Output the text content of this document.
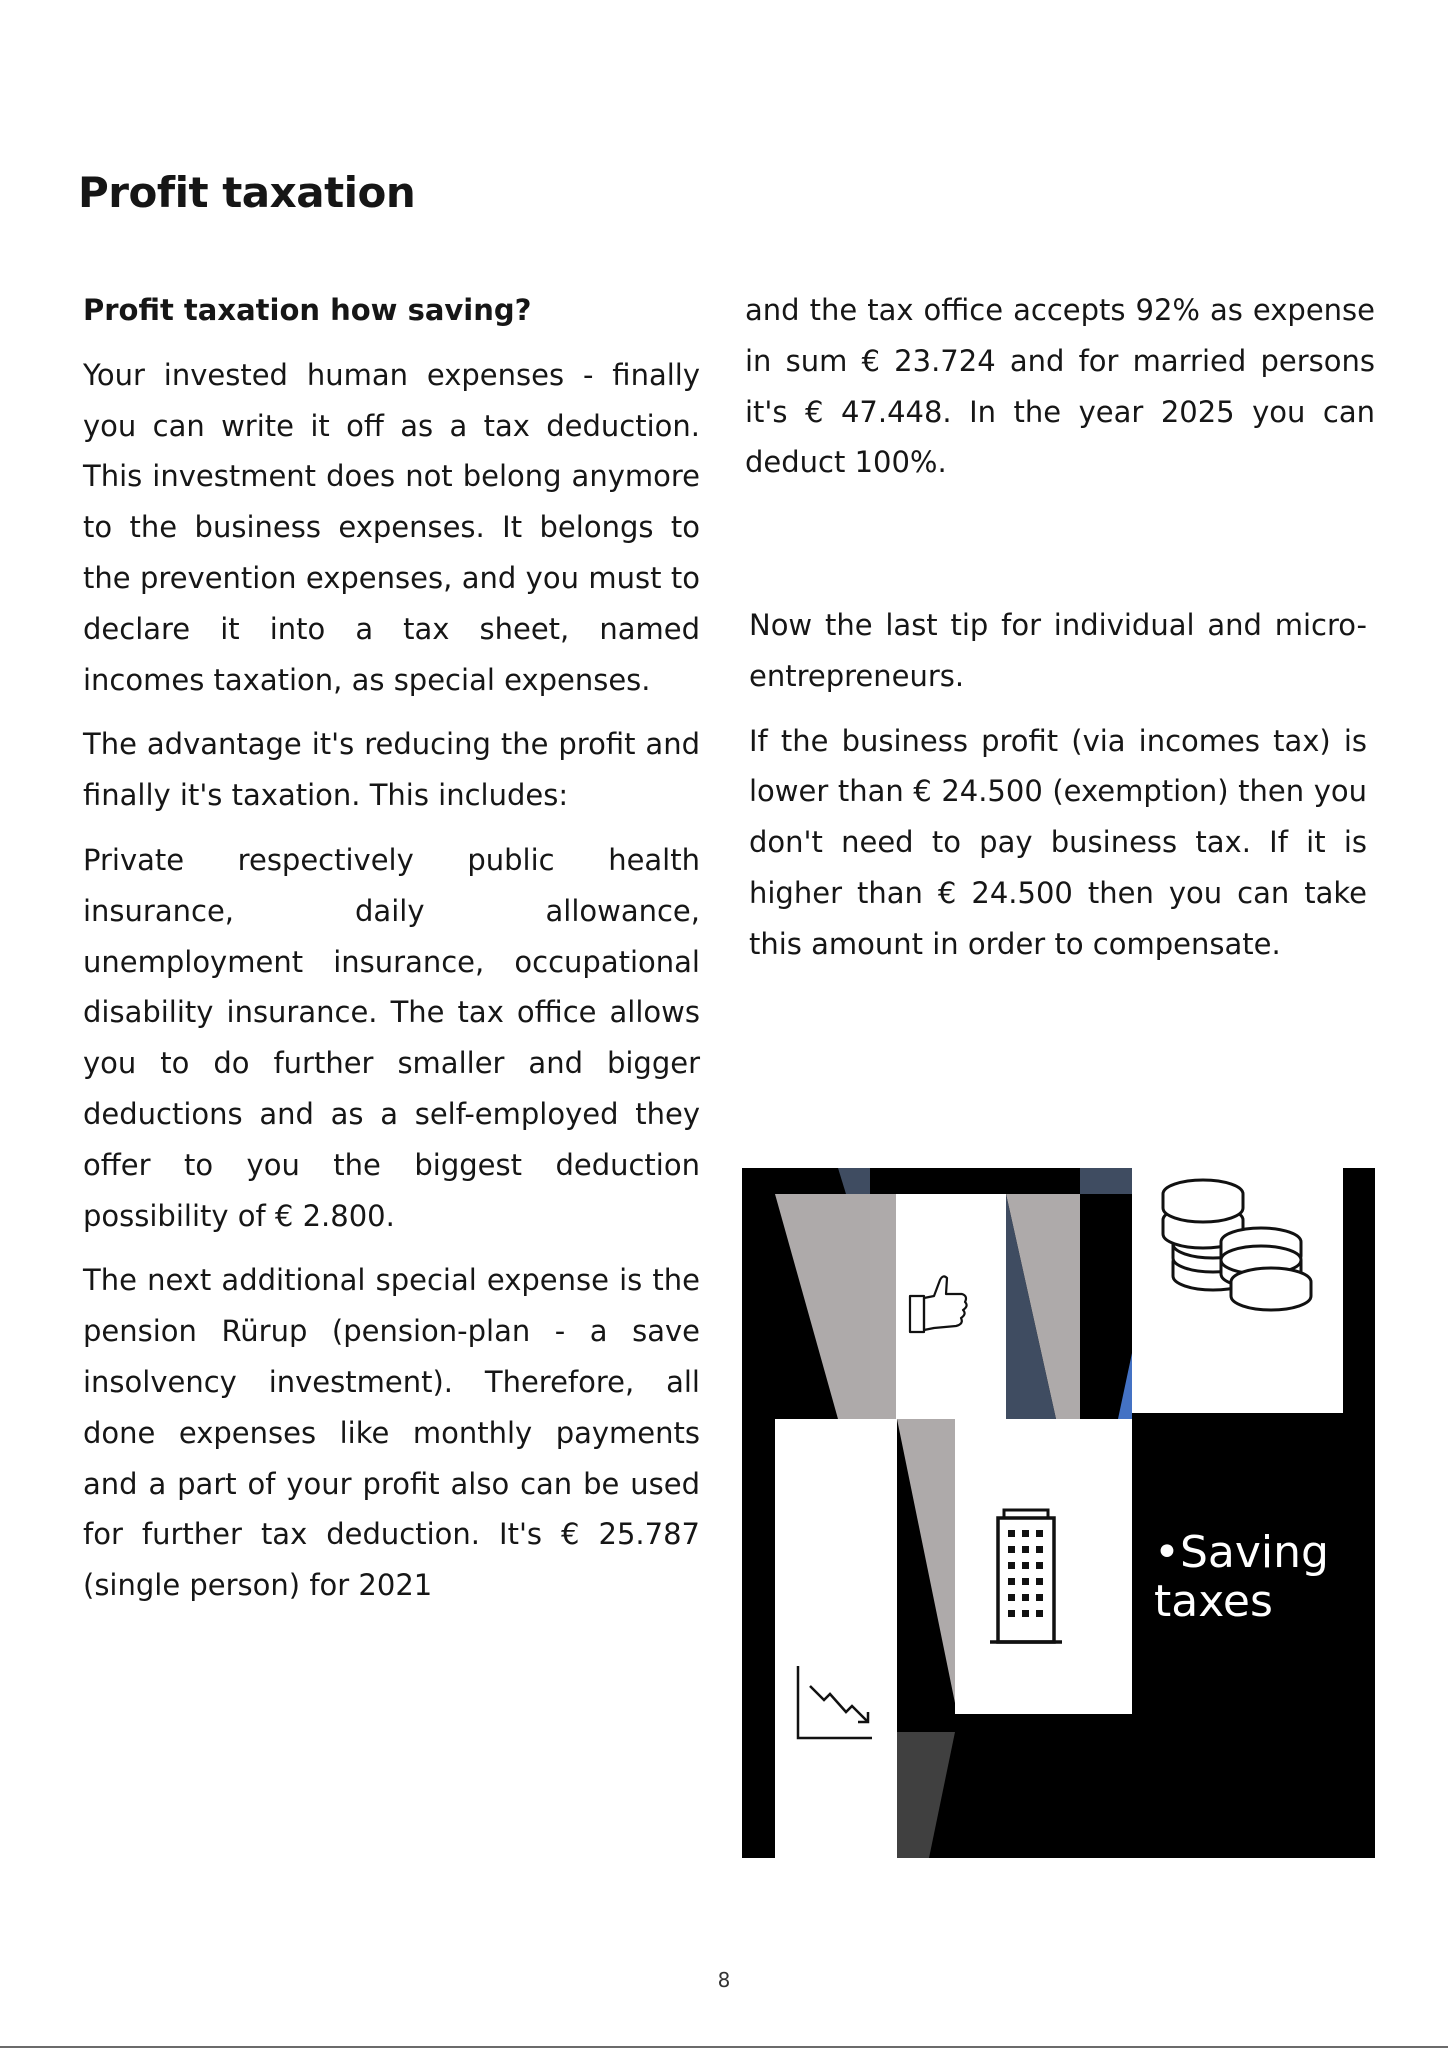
Profit taxation

Profit taxation how saving?

Your invested human expenses - finally you can write it off as a tax deduction. This investment does not belong anymore to the business expenses. It belongs to the prevention expenses, and you must to declare it into a tax sheet, named incomes taxation, as special expenses.

The advantage it's reducing the profit and finally it's taxation. This includes:

Private respectively public health insurance, daily allowance, unemployment insurance, occupational disability insurance. The tax office allows you to do further smaller and bigger deductions and as a self-employed they offer to you the biggest deduction possibility of € 2.800.

The next additional special expense is the pension Rürup (pension-plan - a save insolvency investment). Therefore, all done expenses like monthly payments and a part of your profit also can be used for further tax deduction. It's € 25.787 (single person) for 2021

and the tax office accepts 92% as expense in sum € 23.724 and for married persons it's € 47.448. In the year 2025 you can deduct 100%.

Now the last tip for individual and micro-entrepreneurs.

If the business profit (via incomes tax) is lower than € 24.500 (exemption) then you don't need to pay business tax. If it is higher than € 24.500 then you can take this amount in order to compensate.

•Saving taxes
8
